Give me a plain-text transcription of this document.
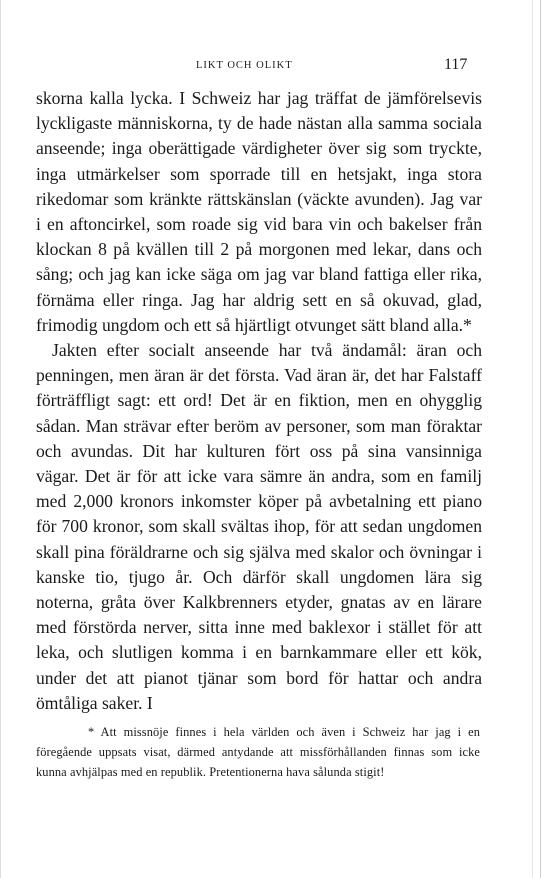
LIKT OCH OLIKT	117

skorna kalla lycka. I Schweiz har jag träffat de jämförelsevis lyckligaste människorna, ty de hade nästan alla samma sociala anseende; inga oberättigade värdigheter över sig som tryckte, inga utmärkelser som sporrade till en hetsjakt, inga stora rikedomar som kränkte rättskänslan (väckte avunden). Jag var i en aftoncirkel, som roade sig vid bara vin och bakelser från klockan 8 på kvällen till 2 på morgonen med lekar, dans och sång; och jag kan icke säga om jag var bland fattiga eller rika, förnäma eller ringa. Jag har aldrig sett en så okuvad, glad, frimodig ungdom och ett så hjärtligt otvunget sätt bland alla.*

Jakten efter socialt anseende har två ändamål: äran och penningen, men äran är det första. Vad äran är, det har Falstaff förträffligt sagt: ett ord! Det är en fiktion, men en ohygglig sådan. Man strävar efter beröm av personer, som man föraktar och avundas. Dit har kulturen fört oss på sina vansinniga vägar. Det är för att icke vara sämre än andra, som en familj med 2,000 kronors inkomster köper på avbetalning ett piano för 700 kronor, som skall svältas ihop, för att sedan ungdomen skall pina föräldrarne och sig själva med skalor och övningar i kanske tio, tjugo år. Och därför skall ungdomen lära sig noterna, gråta över Kalkbrenners etyder, gnatas av en lärare med förstörda nerver, sitta inne med baklexor i stället för att leka, och slutligen komma i en barnkammare eller ett kök, under det att pianot tjänar som bord för hattar och andra ömtåliga saker. I

* Att missnöje finnes i hela världen och även i Schweiz har jag i en föregående uppsats visat, därmed antydande att missförhållanden finnas som icke kunna avhjälpas med en republik. Pretentionerna hava sålunda stigit!
